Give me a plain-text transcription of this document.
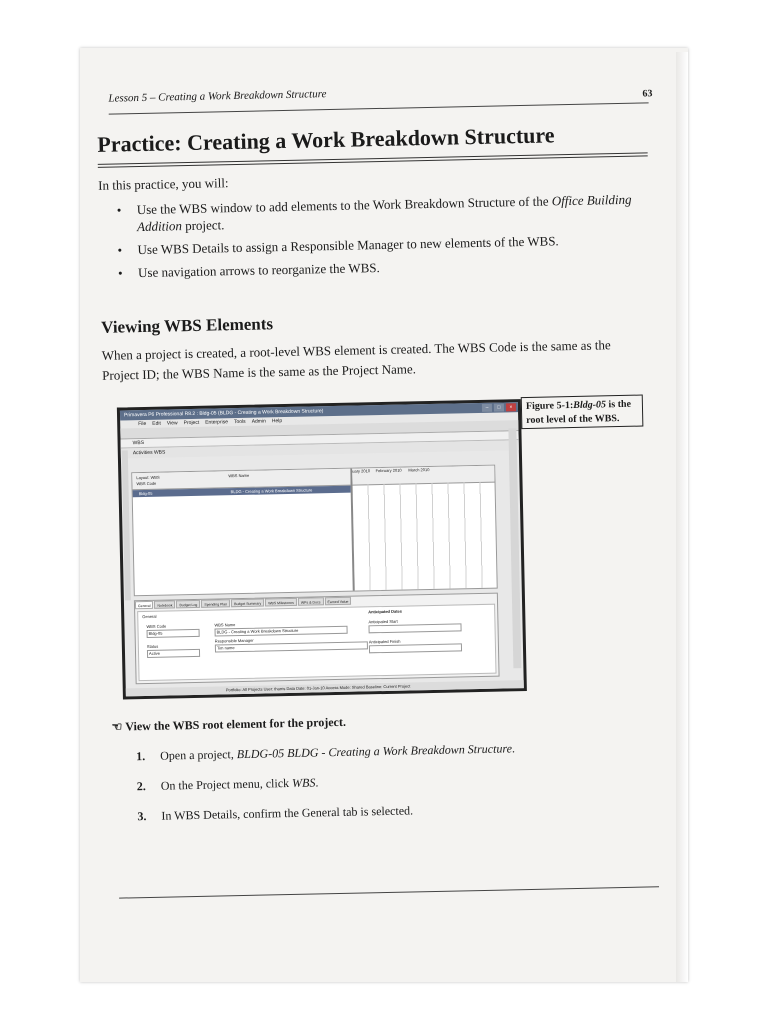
Lesson 5 – Creating a Work Breakdown Structure	63
Practice: Creating a Work Breakdown Structure
In this practice, you will:
• Use the WBS window to add elements to the Work Breakdown Structure of the Office Building Addition project.
• Use WBS Details to assign a Responsible Manager to new elements of the WBS.
• Use navigation arrows to reorganize the WBS.
Viewing WBS Elements
When a project is created, a root-level WBS element is created. The WBS Code is the same as the Project ID; the WBS Name is the same as the Project Name.
Primavera P6 Professional R8.2 : Bldg-05 (BLDG - Creating a Work Breakdown Structure)
–	□	×
File Edit View Project Enterprise Tools Admin Help
WBS
Activities WBS
Layout: WBS
WBS Code
WBS Name
Bldg-05	BLDG - Creating a Work Breakdown Structure
uary 2010 February 2010 March 2010
General	Notebook	Budget Log	Spending Plan	Budget Summary	WBS Milestones	WPs & Docs	Earned Value
General
Anticipated Dates
WBS Code
Bldg-05
WBS Name
BLDG - Creating a Work Breakdown Structure
Anticipated Start
Status
Active
Responsible Manager
Tim name
Anticipated Finish
Portfolio: All Projects User: tharris Data Date: 01-Jan-10 Access Mode: Shared Baseline: Current Project
Figure 5-1:Bldg-05 is the root level of the WBS.
☜ View the WBS root element for the project.
1. Open a project, BLDG-05 BLDG - Creating a Work Breakdown Structure.
2. On the Project menu, click WBS.
3. In WBS Details, confirm the General tab is selected.
